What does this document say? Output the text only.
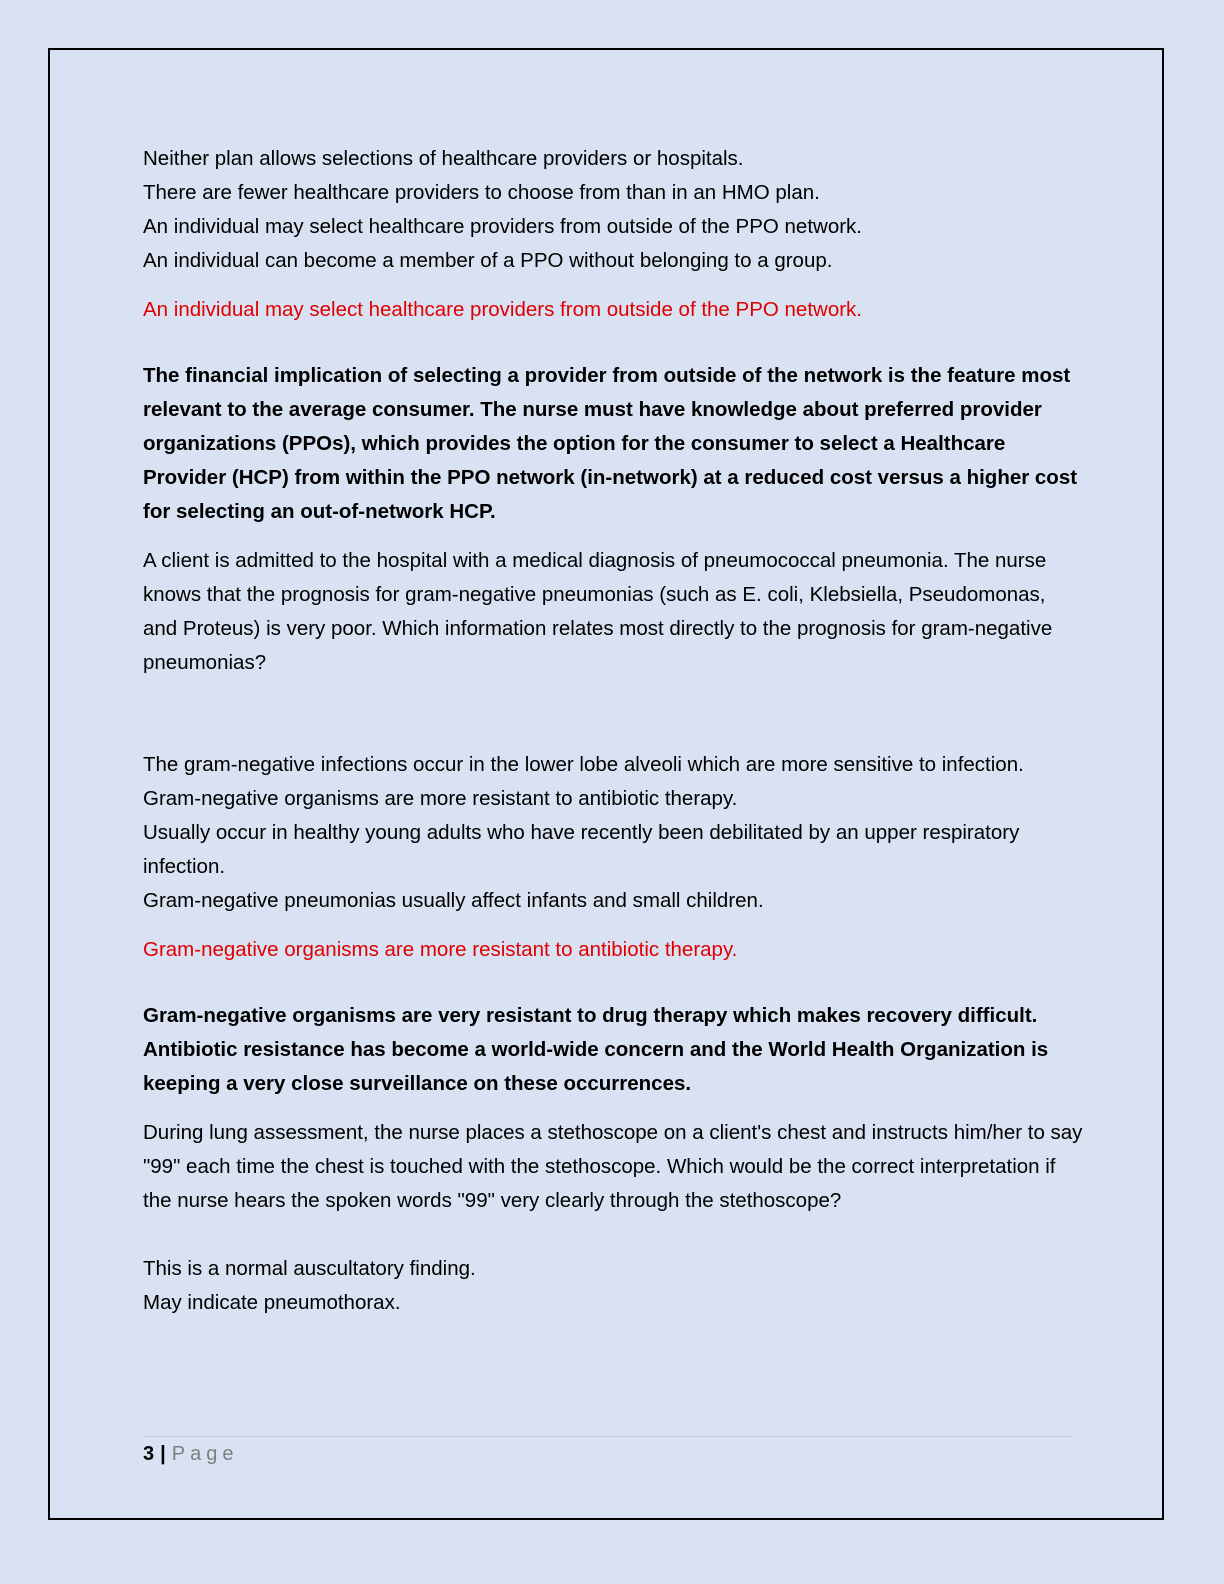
Neither plan allows selections of healthcare providers or hospitals.

There are fewer healthcare providers to choose from than in an HMO plan.

An individual may select healthcare providers from outside of the PPO network.

An individual can become a member of a PPO without belonging to a group.

An individual may select healthcare providers from outside of the PPO network.

The financial implication of selecting a provider from outside of the network is the feature most relevant to the average consumer. The nurse must have knowledge about preferred provider organizations (PPOs), which provides the option for the consumer to select a Healthcare Provider (HCP) from within the PPO network (in-network) at a reduced cost versus a higher cost for selecting an out-of-network HCP.

A client is admitted to the hospital with a medical diagnosis of pneumococcal pneumonia. The nurse knows that the prognosis for gram-negative pneumonias (such as E. coli, Klebsiella, Pseudomonas, and Proteus) is very poor. Which information relates most directly to the prognosis for gram-negative pneumonias?

The gram-negative infections occur in the lower lobe alveoli which are more sensitive to infection.

Gram-negative organisms are more resistant to antibiotic therapy.

Usually occur in healthy young adults who have recently been debilitated by an upper respiratory infection.

Gram-negative pneumonias usually affect infants and small children.

Gram-negative organisms are more resistant to antibiotic therapy.

Gram-negative organisms are very resistant to drug therapy which makes recovery difficult. Antibiotic resistance has become a world-wide concern and the World Health Organization is keeping a very close surveillance on these occurrences.

During lung assessment, the nurse places a stethoscope on a client's chest and instructs him/her to say "99" each time the chest is touched with the stethoscope. Which would be the correct interpretation if the nurse hears the spoken words "99" very clearly through the stethoscope?

This is a normal auscultatory finding.

May indicate pneumothorax.

3 | Page
